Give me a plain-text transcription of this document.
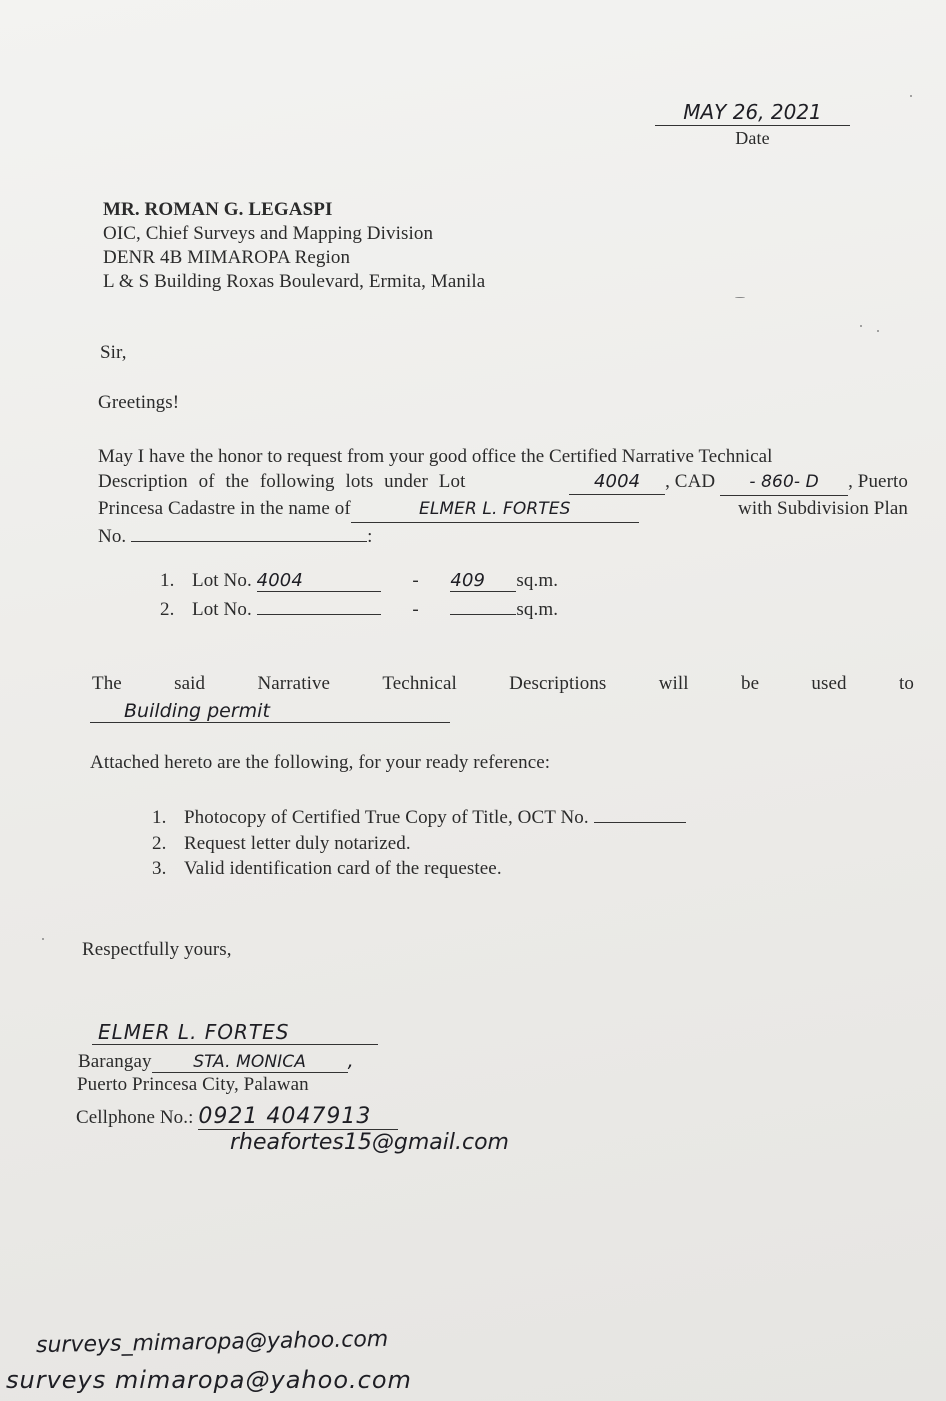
MAY 26, 2021
Date
MR. ROMAN G. LEGASPI
OIC, Chief Surveys and Mapping Division
DENR 4B MIMAROPA Region
L & S Building Roxas Boulevard, Ermita, Manila
Sir,
Greetings!
May I have the honor to request from your good office the Certified Narrative Technical
Description of the following lots under Lot	4004 , CAD - 860- D , Puerto
Princesa Cadastre in the name of	ELMER L. FORTES	with Subdivision Plan
No.	:
1. Lot No. 4004	- 409 sq.m.
2. Lot No.	-	sq.m.
The	said	Narrative	Technical	Descriptions	will	be	used	to
Building permit
Attached hereto are the following, for your ready reference:
1. Photocopy of Certified True Copy of Title, OCT No.
2. Request letter duly notarized.
3. Valid identification card of the requestee.
Respectfully yours,
ELMER L. FORTES
Barangay STA. MONICA ,
Puerto Princesa City, Palawan
Cellphone No.: 0921 4047913
rheafortes15@gmail.com
surveys_mimaropa@yahoo.com
surveys mimaropa@yahoo.com
